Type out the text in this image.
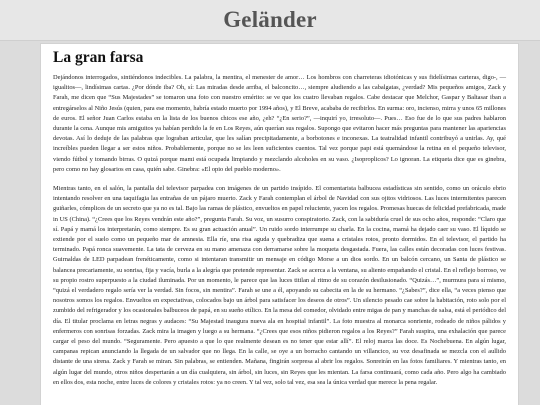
Geländer
La gran farsa

Dejándonos interrogados, sintiéndonos indecibles. La palabra, la mentira, el menester de amor… Los hombros con charreteras idiotónicas y sus fidelísimas carteras, digo-, —igualitos—, lindísimas cartas. ¿Por dónde iba? Oh, sí: Las miradas desde arriba, el balconcito…, siempre aludiendo a las cabalgatas, ¿verdad? Mis pequeños amigos, Zack y Farah, me dicen que “Sus Majestades” se tomaron una foto con nuestro emérito: se ve que los cuatro llevaban regalos. Cabe destacar que Melchor, Gaspar y Baltasar iban a entregárselos al Niño Jesús (quien, para ese momento, habría estado muerto por 1994 años), y El Breve, acababa de recibirlos. En surma: oro, incienso, mirra y unos 65 millones de euros. El señor Juan Carlos estaba en la lista de los buenos chicos ese año, ¿eh? “¿En serio?”, —inquirí yo, irresoluto—. Pues… Eso fue de lo que sus padres hablaron durante la cena. Aunque mis amiguitos ya habían perdido la fe en Los Reyes, aún querían sus regalos. Supongo que evitaron hacer más preguntas para mantener las apariencias devotas. Así lo deduje de las palabras que lograban articular, que les salían precipitadamente, a borbotones e inconexas. La teatralidad infantil contribuyó a unirlas. Ay, qué increíbles pueden llegar a ser estos niños. Probablemente, porque no se les leen suficientes cuentos. Tal vez porque papi está quemándose la retina en el pequeño televisor, viendo fútbol y tomando birras. O quizá porque mami está ocupada limpiando y mezclando alcoholes en su vaso. ¿Isoproplicos? Lo ignoran. La etiqueta dice que es ginebra, pero como no hay glosarios en casa, quién sabe. Ginebra: «El opio del pueblo moderno».

Mientras tanto, en el salón, la pantalla del televisor parpadea con imágenes de un partido insípido. El comentarista balbucea estadísticas sin sentido, como un oráculo ebrio intentando resolver en una taquifagia las entrañas de un pájaro muerto. Zack y Farah contemplan el árbol de Navidad con sus ojitos vidriosos. Las luces intermitentes parecen guiñarles, cómplices de un secreto que ya no es tal. Bajo las ramas de plástico, envueltos en papel reluciente, yacen los regalos. Promesas huecas de felicidad prefabricada, made in US (China). “¿Crees que los Reyes vendrán este año?”, pregunta Farah. Su voz, un susurro conspiratorio. Zack, con la sabiduría cruel de sus ocho años, responde: “Claro que sí. Papá y mamá los interpretarán, como siempre. Es su gran actuación anual”. Un ruido sordo interrumpe su charla. En la cocina, mamá ha dejado caer su vaso. El líquido se extiende por el suelo como un pequeño mar de amnesia. Ella ríe, una risa aguda y quebradiza que suena a cristales rotos, pronto dormidos. En el televisor, el partido ha terminado. Papá ronca suavemente. La tata de cerveza en su mano amenaza con derramarse sobre la moqueta desgastada. Fuera, las calles están decoradas con luces festivas. Guirnaldas de LED parpadean frenéticamente, como si intentaran transmitir un mensaje en código Morse a un dios sordo. En un balcón cercano, un Santa de plástico se balancea precariamente, su sonrisa, fija y vacía, burla a la alegría que pretende representar. Zack se acerca a la ventana, su aliento empañando el cristal. En el reflejo borroso, ve su propio rostro superpuesto a la ciudad iluminada. Por un momento, le parece que las luces titilan al ritmo de su corazón desilusionado. “Quizás…”, murmura para sí mismo, “quizá el verdadero regalo sería ver la verdad. Sin focos, sin mentira”. Farah se une a él, apoyando su cabecita en la de su hermano. “¿Sabes?”, dice ella, “a veces pienso que nosotros somos los regalos. Envueltos en expectativas, colocados bajo un árbol para satisfacer los deseos de otros”. Un silencio pesado cae sobre la habitación, roto solo por el zumbido del refrigerador y los ocasionales balbuceos de papá, en su sueño etílico. En la mesa del comedor, olvidado entre migas de pan y manchas de salsa, está el periódico del día. El titular proclama en letras negras y audaces: “Su Majestad inaugura nueva ala en hospital infantil”. La foto muestra al monarca sonriente, rodeado de niños pálidos y enfermeros con sonrisas forzadas. Zack mira la imagen y luego a su hermana. “¿Crees que esos niños pidieron regalos a los Reyes?” Farah suspira, una exhalación que parece cargar el peso del mundo. “Seguramente. Pero apuesto a que lo que realmente desean es no tener que estar allí”. El reloj marca las doce. Es Nochebuena. En algún lugar, campanas repican anunciando la llegada de un salvador que no llega. En la calle, se oye a un borracho cantando un villancico, su voz desafinada se mezcla con el aullido distante de una sirena. Zack y Farah se miran. Sin palabras, se entienden. Mañana, fingirán sorpresa al abrir los regalos. Sonreirán en las fotos familiares. Y mientras tanto, en algún lugar del mundo, otros niños despertarán a un día cualquiera, sin árbol, sin luces, sin Reyes que les mientan. La farsa continuará, como cada año. Pero algo ha cambiado en ellos dos, esta noche, entre luces de colores y cristales rotos: ya no creen. Y tal vez, solo tal vez, esa sea la única verdad que merece la pena regalar.
